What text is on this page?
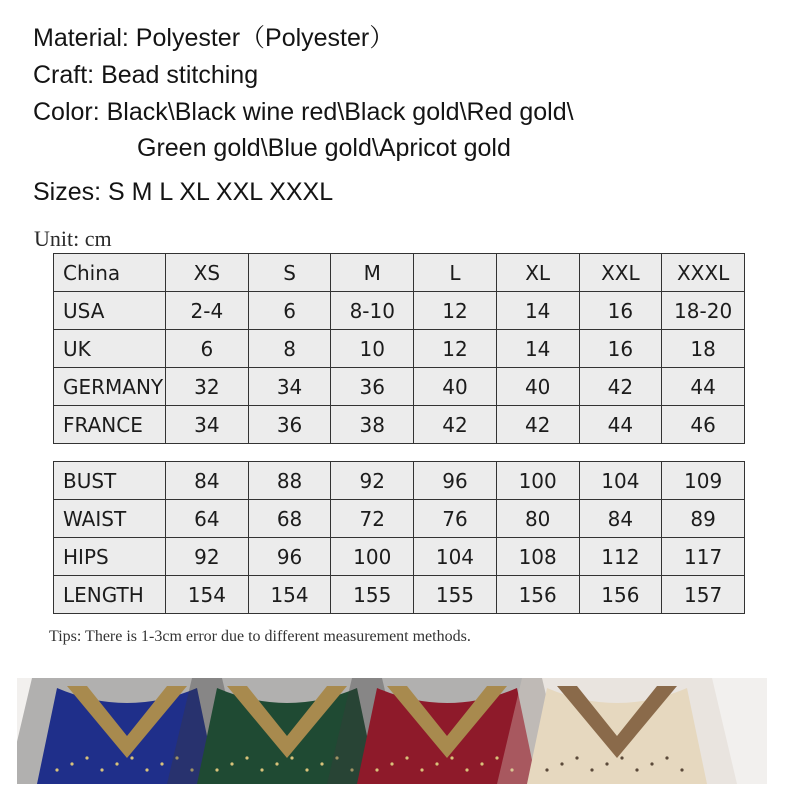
Material: Polyester（Polyester）
Craft: Bead stitching
Color: Black\Black wine red\Black gold\Red gold\
Green gold\Blue gold\Apricot gold
Sizes: S M L XL XXL XXXL
Unit: cm
China	XS	S	M	L	XL	XXL	XXXL
USA	2-4	6	8-10	12	14	16	18-20
UK	6	8	10	12	14	16	18
GERMANY	32	34	36	40	40	42	44
FRANCE	34	36	38	42	42	44	46
BUST	84	88	92	96	100	104	109
WAIST	64	68	72	76	80	84	89
HIPS	92	96	100	104	108	112	117
LENGTH	154	154	155	155	156	156	157
Tips: There is 1-3cm error due to different measurement methods.
